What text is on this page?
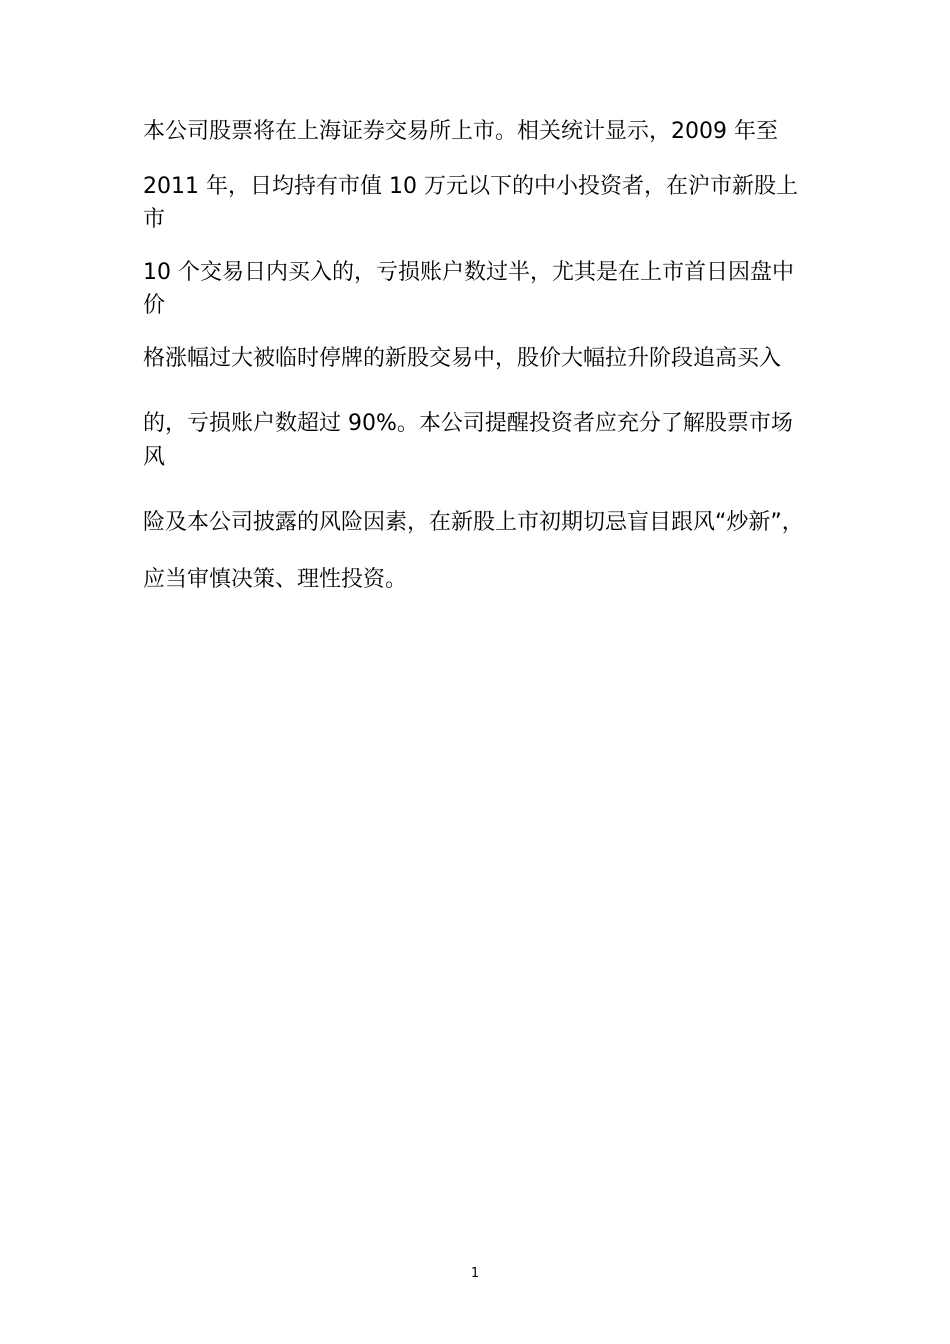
本公司股票将在上海证券交易所上市。相关统计显示，2009 年至
2011 年，日均持有市值 10 万元以下的中小投资者，在沪市新股上
市
10 个交易日内买入的，亏损账户数过半，尤其是在上市首日因盘中
价
格涨幅过大被临时停牌的新股交易中，股价大幅拉升阶段追高买入
的，亏损账户数超过 90%。本公司提醒投资者应充分了解股票市场
风
险及本公司披露的风险因素，在新股上市初期切忌盲目跟风“炒新”，
应当审慎决策、理性投资。
1
